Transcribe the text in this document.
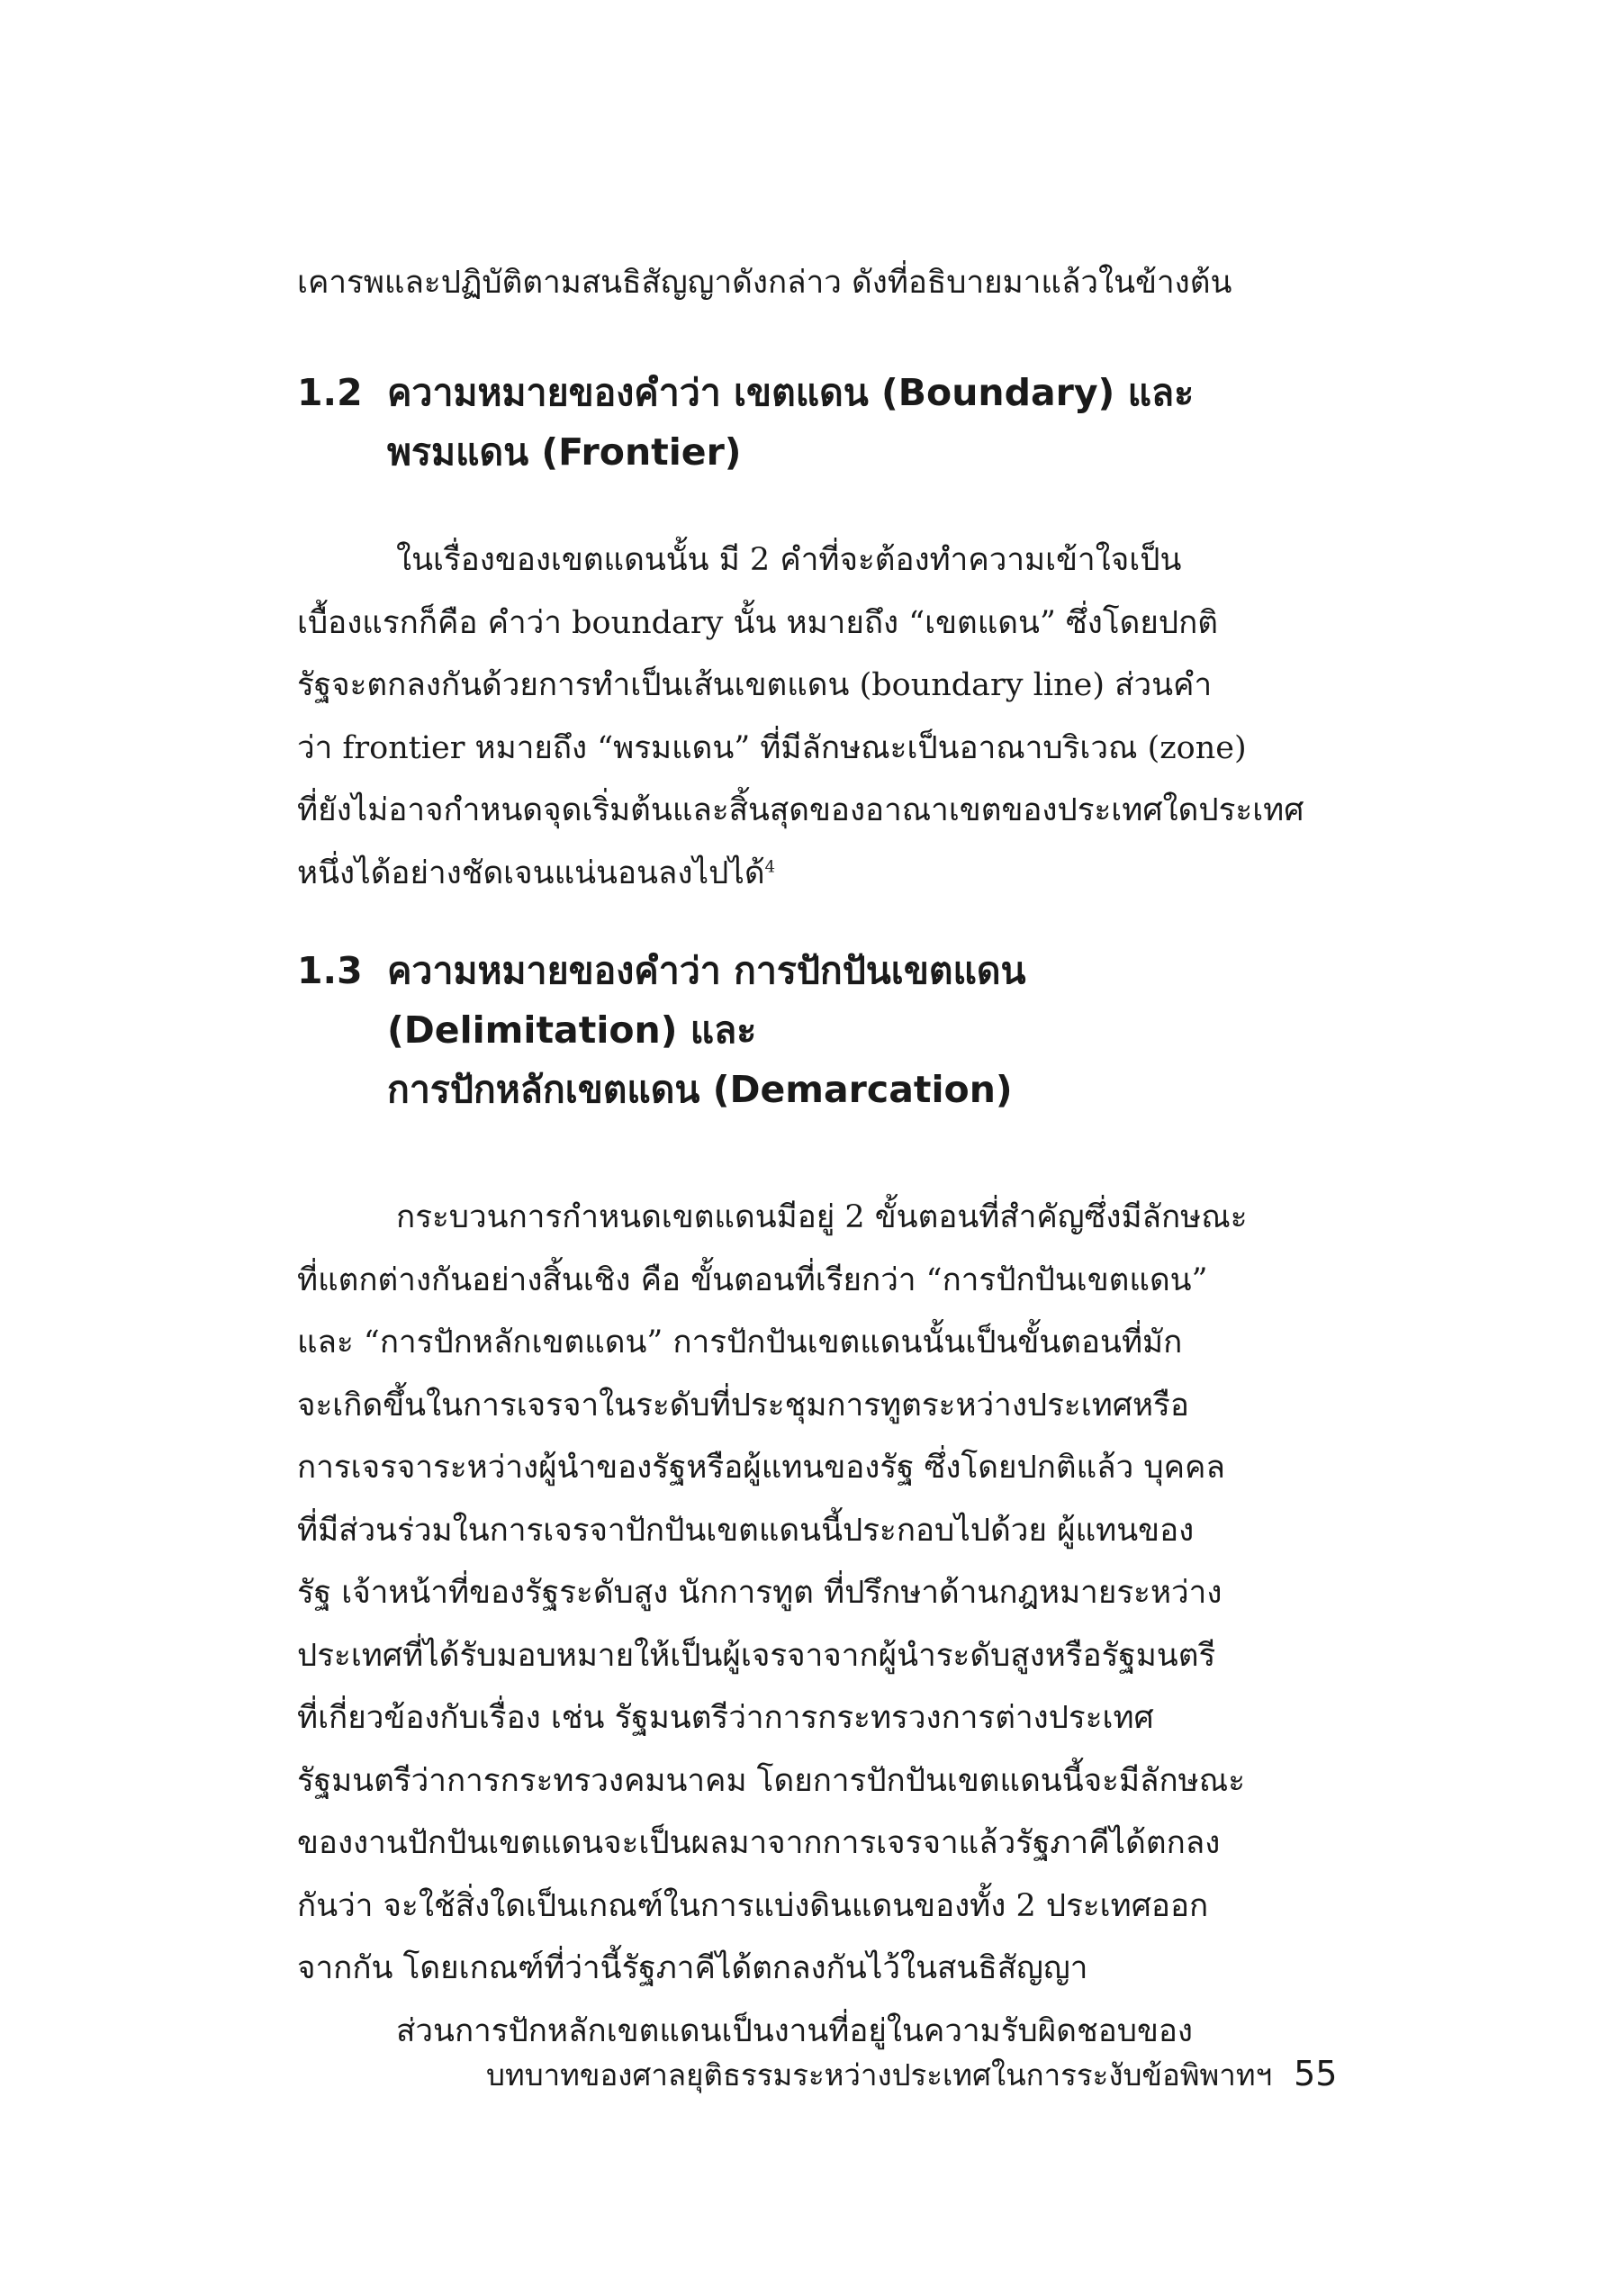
เคารพและปฏิบัติตามสนธิสัญญาดังกล่าว ดังที่อธิบายมาแล้วในข้างต้น

1.2 ความหมายของคำว่า เขตแดน (Boundary) และ
พรมแดน (Frontier)

ในเรื่องของเขตแดนนั้น มี 2 คำที่จะต้องทำความเข้าใจเป็น
เบื้องแรกก็คือ คำว่า boundary นั้น หมายถึง “เขตแดน” ซึ่งโดยปกติ
รัฐจะตกลงกันด้วยการทำเป็นเส้นเขตแดน (boundary line) ส่วนคำ
ว่า frontier หมายถึง “พรมแดน” ที่มีลักษณะเป็นอาณาบริเวณ (zone)
ที่ยังไม่อาจกำหนดจุดเริ่มต้นและสิ้นสุดของอาณาเขตของประเทศใดประเทศ
หนึ่งได้อย่างชัดเจนแน่นอนลงไปได้$^4$

1.3 ความหมายของคำว่า การปักปันเขตแดน
(Delimitation) และ
การปักหลักเขตแดน (Demarcation)

กระบวนการกำหนดเขตแดนมีอยู่ 2 ขั้นตอนที่สำคัญซึ่งมีลักษณะ
ที่แตกต่างกันอย่างสิ้นเชิง คือ ขั้นตอนที่เรียกว่า “การปักปันเขตแดน”
และ “การปักหลักเขตแดน” การปักปันเขตแดนนั้นเป็นขั้นตอนที่มัก
จะเกิดขึ้นในการเจรจาในระดับที่ประชุมการทูตระหว่างประเทศหรือ
การเจรจาระหว่างผู้นำของรัฐหรือผู้แทนของรัฐ ซึ่งโดยปกติแล้ว บุคคล
ที่มีส่วนร่วมในการเจรจาปักปันเขตแดนนี้ประกอบไปด้วย ผู้แทนของ
รัฐ เจ้าหน้าที่ของรัฐระดับสูง นักการทูต ที่ปรึกษาด้านกฎหมายระหว่าง
ประเทศที่ได้รับมอบหมายให้เป็นผู้เจรจาจากผู้นำระดับสูงหรือรัฐมนตรี
ที่เกี่ยวข้องกับเรื่อง เช่น รัฐมนตรีว่าการกระทรวงการต่างประเทศ
รัฐมนตรีว่าการกระทรวงคมนาคม โดยการปักปันเขตแดนนี้จะมีลักษณะ
ของงานปักปันเขตแดนจะเป็นผลมาจากการเจรจาแล้วรัฐภาคีได้ตกลง
กันว่า จะใช้สิ่งใดเป็นเกณฑ์ในการแบ่งดินแดนของทั้ง 2 ประเทศออก
จากกัน โดยเกณฑ์ที่ว่านี้รัฐภาคีได้ตกลงกันไว้ในสนธิสัญญา
ส่วนการปักหลักเขตแดนเป็นงานที่อยู่ในความรับผิดชอบของ

บทบาทของศาลยุติธรรมระหว่างประเทศในการระงับข้อพิพาทฯ 55
